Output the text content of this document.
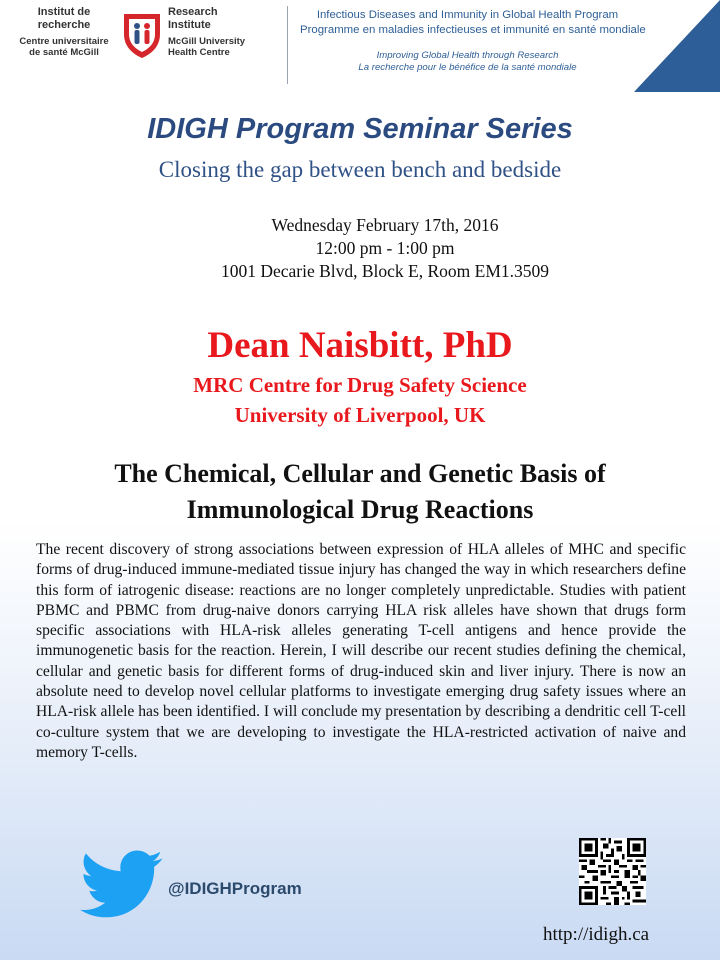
Institut de
recherche
Centre universitaire
de santé McGill
Research
Institute
McGill University
Health Centre
Infectious Diseases and Immunity in Global Health Program
Programme en maladies infectieuses et immunité en santé mondiale
Improving Global Health through Research
La recherche pour le bénéfice de la santé mondiale
IDIGH Program Seminar Series
Closing the gap between bench and bedside
Wednesday February 17th, 2016
12:00 pm - 1:00 pm
1001 Decarie Blvd, Block E, Room EM1.3509
Dean Naisbitt, PhD
MRC Centre for Drug Safety Science
University of Liverpool, UK
The Chemical, Cellular and Genetic Basis of
Immunological Drug Reactions
The recent discovery of strong associations between expression of HLA alleles of MHC and specific forms of drug-induced immune-mediated tissue injury has changed the way in which researchers define this form of iatrogenic disease: reactions are no longer completely unpredictable. Studies with patient PBMC and PBMC from drug-naive donors carrying HLA risk alleles have shown that drugs form specific associations with HLA-risk alleles generating T-cell antigens and hence provide the immunogenetic basis for the reaction. Herein, I will describe our recent studies defining the chemical, cellular and genetic basis for different forms of drug-induced skin and liver injury. There is now an absolute need to develop novel cellular platforms to investigate emerging drug safety issues where an HLA-risk allele has been identified. I will conclude my presentation by describing a dendritic cell T-cell co-culture system that we are developing to investigate the HLA-restricted activation of naive and memory T-cells.
@IDIGHProgram
http://idigh.ca
